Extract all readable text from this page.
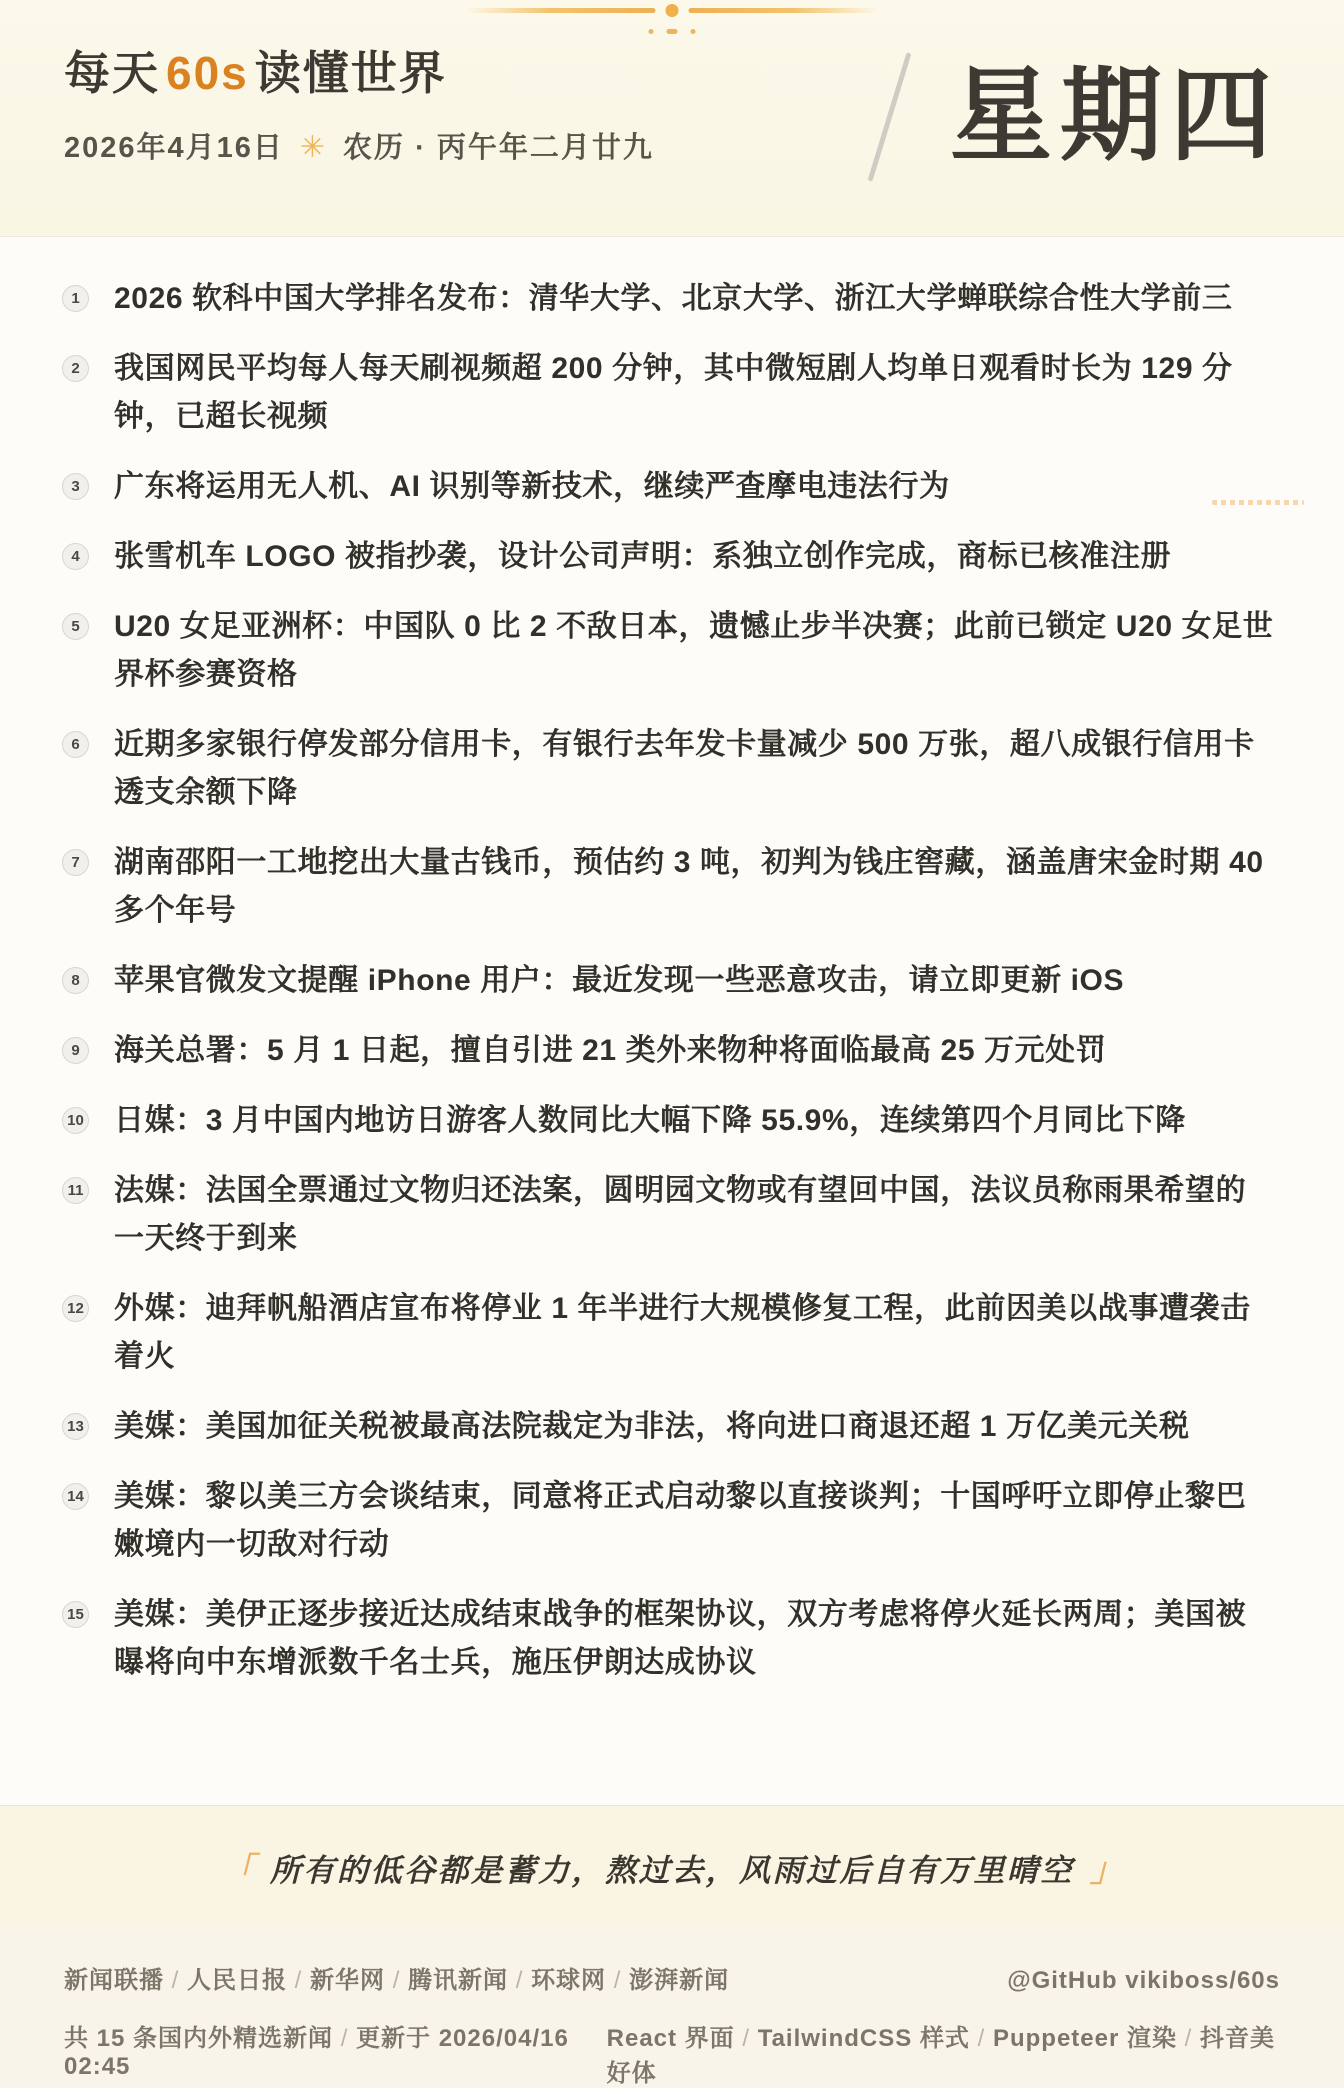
每天 60s 读懂世界
2026年4月16日 ✳ 农历 · 丙午年二月廿九	星期四
1	2026 软科中国大学排名发布：清华大学、北京大学、浙江大学蝉联综合性大学前三
2	我国网民平均每人每天刷视频超 200 分钟，其中微短剧人均单日观看时长为 129 分钟，已超长视频
3	广东将运用无人机、AI 识别等新技术，继续严查摩电违法行为
4	张雪机车 LOGO 被指抄袭，设计公司声明：系独立创作完成，商标已核准注册
5	U20 女足亚洲杯：中国队 0 比 2 不敌日本，遗憾止步半决赛；此前已锁定 U20 女足世界杯参赛资格
6	近期多家银行停发部分信用卡，有银行去年发卡量减少 500 万张，超八成银行信用卡透支余额下降
7	湖南邵阳一工地挖出大量古钱币，预估约 3 吨，初判为钱庄窖藏，涵盖唐宋金时期 40 多个年号
8	苹果官微发文提醒 iPhone 用户：最近发现一些恶意攻击，请立即更新 iOS
9	海关总署：5 月 1 日起，擅自引进 21 类外来物种将面临最高 25 万元处罚
10 日媒：3 月中国内地访日游客人数同比大幅下降 55.9%，连续第四个月同比下降
11 法媒：法国全票通过文物归还法案，圆明园文物或有望回中国，法议员称雨果希望的一天终于到来
12 外媒：迪拜帆船酒店宣布将停业 1 年半进行大规模修复工程，此前因美以战事遭袭击着火
13 美媒：美国加征关税被最高法院裁定为非法，将向进口商退还超 1 万亿美元关税
14 美媒：黎以美三方会谈结束，同意将正式启动黎以直接谈判；十国呼吁立即停止黎巴嫩境内一切敌对行动
15 美媒：美伊正逐步接近达成结束战争的框架协议，双方考虑将停火延长两周；美国被曝将向中东增派数千名士兵，施压伊朗达成协议
「 所有的低谷都是蓄力，熬过去，风雨过后自有万里晴空 」
新闻联播 / 人民日报 / 新华网 / 腾讯新闻 / 环球网 / 澎湃新闻	@GitHub vikiboss/60s
共 15 条国内外精选新闻 / 更新于 2026/04/16 02:45
React 界面 / TailwindCSS 样式 / Puppeteer 渲染 / 抖音美好体
